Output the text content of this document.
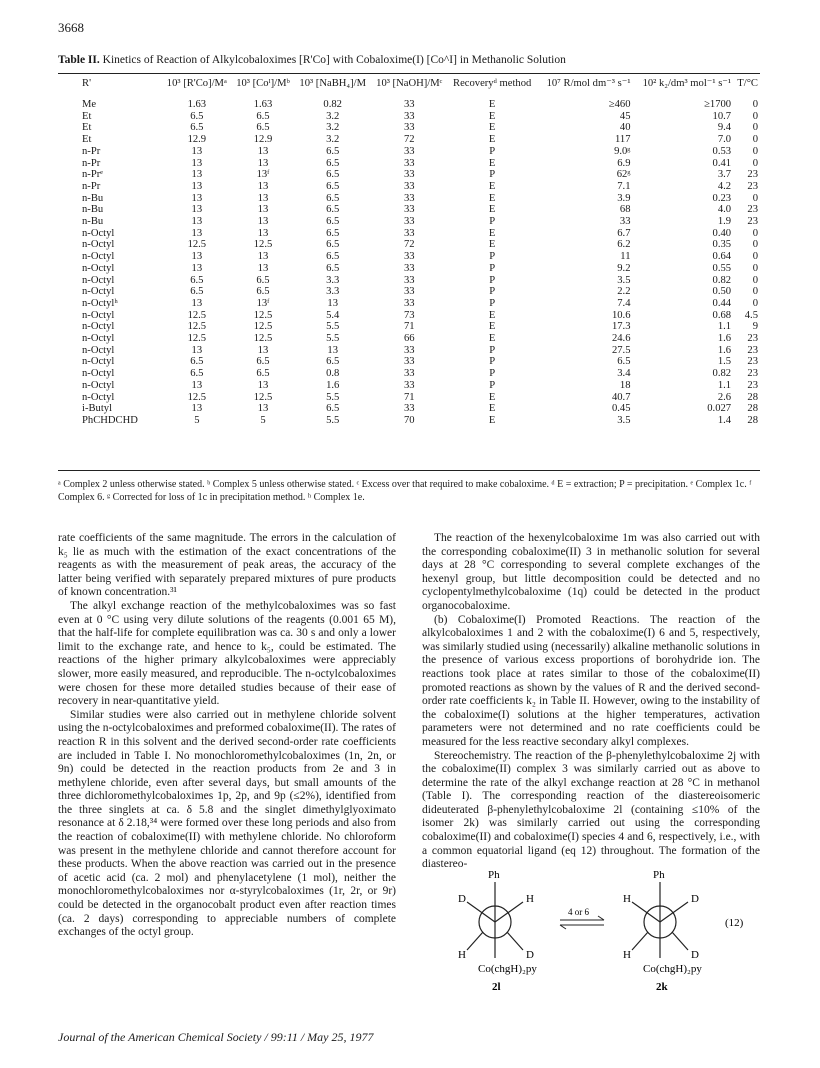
3668
Table II. Kinetics of Reaction of Alkylcobaloximes [R'Co] with Cobaloxime(I) [Co^I] in Methanolic Solution
R'	10³ [R'Co]/Mᵃ	10³ [Coᴵ]/Mᵇ	10³ [NaBH₄]/M	10³ [NaOH]/Mᶜ	Recoveryᵈ method	10⁷ R/mol dm⁻³ s⁻¹	10² k₂/dm³ mol⁻¹ s⁻¹	T/°C
Me	1.63	1.63	0.82	33	E	≥460	≥1700	0
Et	6.5	6.5	3.2	33	E	45	10.7	0
Et	6.5	6.5	3.2	33	E	40	9.4	0
Et	12.9	12.9	3.2	72	E	117	7.0	0
n-Pr	13	13	6.5	33	P	9.0ᵍ	0.53	0
n-Pr	13	13	6.5	33	E	6.9	0.41	0
n-Prᵉ	13	13ᶠ	6.5	33	P	62ᵍ	3.7	23
n-Pr	13	13	6.5	33	E	7.1	4.2	23
n-Bu	13	13	6.5	33	E	3.9	0.23	0
n-Bu	13	13	6.5	33	E	68	4.0	23
n-Bu	13	13	6.5	33	P	33	1.9	23
n-Octyl	13	13	6.5	33	E	6.7	0.40	0
n-Octyl	12.5	12.5	6.5	72	E	6.2	0.35	0
n-Octyl	13	13	6.5	33	P	11	0.64	0
n-Octyl	13	13	6.5	33	P	9.2	0.55	0
n-Octyl	6.5	6.5	3.3	33	P	3.5	0.82	0
n-Octyl	6.5	6.5	3.3	33	P	2.2	0.50	0
n-Octylʰ	13	13ᶠ	13	33	P	7.4	0.44	0
n-Octyl	12.5	12.5	5.4	73	E	10.6	0.68	4.5
n-Octyl	12.5	12.5	5.5	71	E	17.3	1.1	9
n-Octyl	12.5	12.5	5.5	66	E	24.6	1.6	23
n-Octyl	13	13	13	33	P	27.5	1.6	23
n-Octyl	6.5	6.5	6.5	33	P	6.5	1.5	23
n-Octyl	6.5	6.5	0.8	33	P	3.4	0.82	23
n-Octyl	13	13	1.6	33	P	18	1.1	23
n-Octyl	12.5	12.5	5.5	71	E	40.7	2.6	28
i-Butyl	13	13	6.5	33	E	0.45	0.027	28
PhCHDCHD	5	5	5.5	70	E	3.5	1.4	28
ᵃ Complex 2 unless otherwise stated. ᵇ Complex 5 unless otherwise stated. ᶜ Excess over that required to make cobaloxime. ᵈ E = extraction; P = precipitation. ᵉ Complex 1c. ᶠ Complex 6. ᵍ Corrected for loss of 1c in precipitation method. ʰ Complex 1e.

rate coefficients of the same magnitude. The errors in the calculation of k₅ lie as much with the estimation of the exact concentrations of the reagents as with the measurement of peak areas, the accuracy of the latter being verified with separately prepared mixtures of pure products of known concentration.³¹

The alkyl exchange reaction of the methylcobaloximes was so fast even at 0 °C using very dilute solutions of the reagents (0.001 65 M), that the half-life for complete equilibration was ca. 30 s and only a lower limit to the exchange rate, and hence to k₅, could be estimated. The reactions of the higher primary alkylcobaloximes were appreciably slower, more easily measured, and reproducible. The n-octylcobaloximes were chosen for these more detailed studies because of their ease of recovery in near-quantitative yield.

Similar studies were also carried out in methylene chloride solvent using the n-octylcobaloximes and preformed cobaloxime(II). The rates of reaction R in this solvent and the derived second-order rate coefficients are included in Table I. No monochloromethylcobaloximes (1n, 2n, or 9n) could be detected in the reaction products from 2e and 3 in methylene chloride, even after several days, but small amounts of the three dichloromethylcobaloximes 1p, 2p, and 9p (≤2%), identified from the three singlets at ca. δ 5.8 and the singlet dimethylglyoximato resonance at δ 2.18,³⁴ were formed over these long periods and also from the reaction of cobaloxime(II) with methylene chloride. No chloroform was present in the methylene chloride and cannot therefore account for these products. When the above reaction was carried out in the presence of acetic acid (ca. 2 mol) and phenylacetylene (1 mol), neither the monochloromethylcobaloximes nor α-styrylcobaloximes (1r, 2r, or 9r) could be detected in the organocobalt product even after reaction times (ca. 2 days) corresponding to appreciable numbers of complete exchanges of the octyl group.

The reaction of the hexenylcobaloxime 1m was also carried out with the corresponding cobaloxime(II) 3 in methanolic solution for several days at 28 °C corresponding to several complete exchanges of the hexenyl group, but little decomposition could be detected and no cyclopentylmethylcobaloxime (1q) could be detected in the product organocobaloxime.

(b) Cobaloxime(I) Promoted Reactions. The reaction of the alkylcobaloximes 1 and 2 with the cobaloxime(I) 6 and 5, respectively, was similarly studied using (necessarily) alkaline methanolic solutions in the presence of various excess proportions of borohydride ion. The reactions took place at rates similar to those of the cobaloxime(II) promoted reactions as shown by the values of R and the derived second-order rate coefficients k₂ in Table II. However, owing to the instability of the cobaloxime(I) solutions at the higher temperatures, activation parameters were not determined and no rate coefficients could be measured for the less reactive secondary alkyl complexes.

Stereochemistry. The reaction of the β-phenylethylcobaloxime 2j with the cobaloxime(II) complex 3 was similarly carried out as above to determine the rate of the alkyl exchange reaction at 28 °C in methanol (Table I). The corresponding reaction of the diastereoisomeric dideuterated β-phenylethylcobaloxime 2l (containing ≤10% of the isomer 2k) was similarly carried out using the corresponding cobaloxime(II) and cobaloxime(I) species 4 and 6, respectively, i.e., with a common equatorial ligand (eq 12) throughout. The formation of the diastereo-

Ph
D	H
H	D
Co(chgH)₂py
2l
4 or 6
Ph
H	D
H	D
Co(chgH)₂py
2k
(12)
Journal of the American Chemical Society / 99:11 / May 25, 1977
